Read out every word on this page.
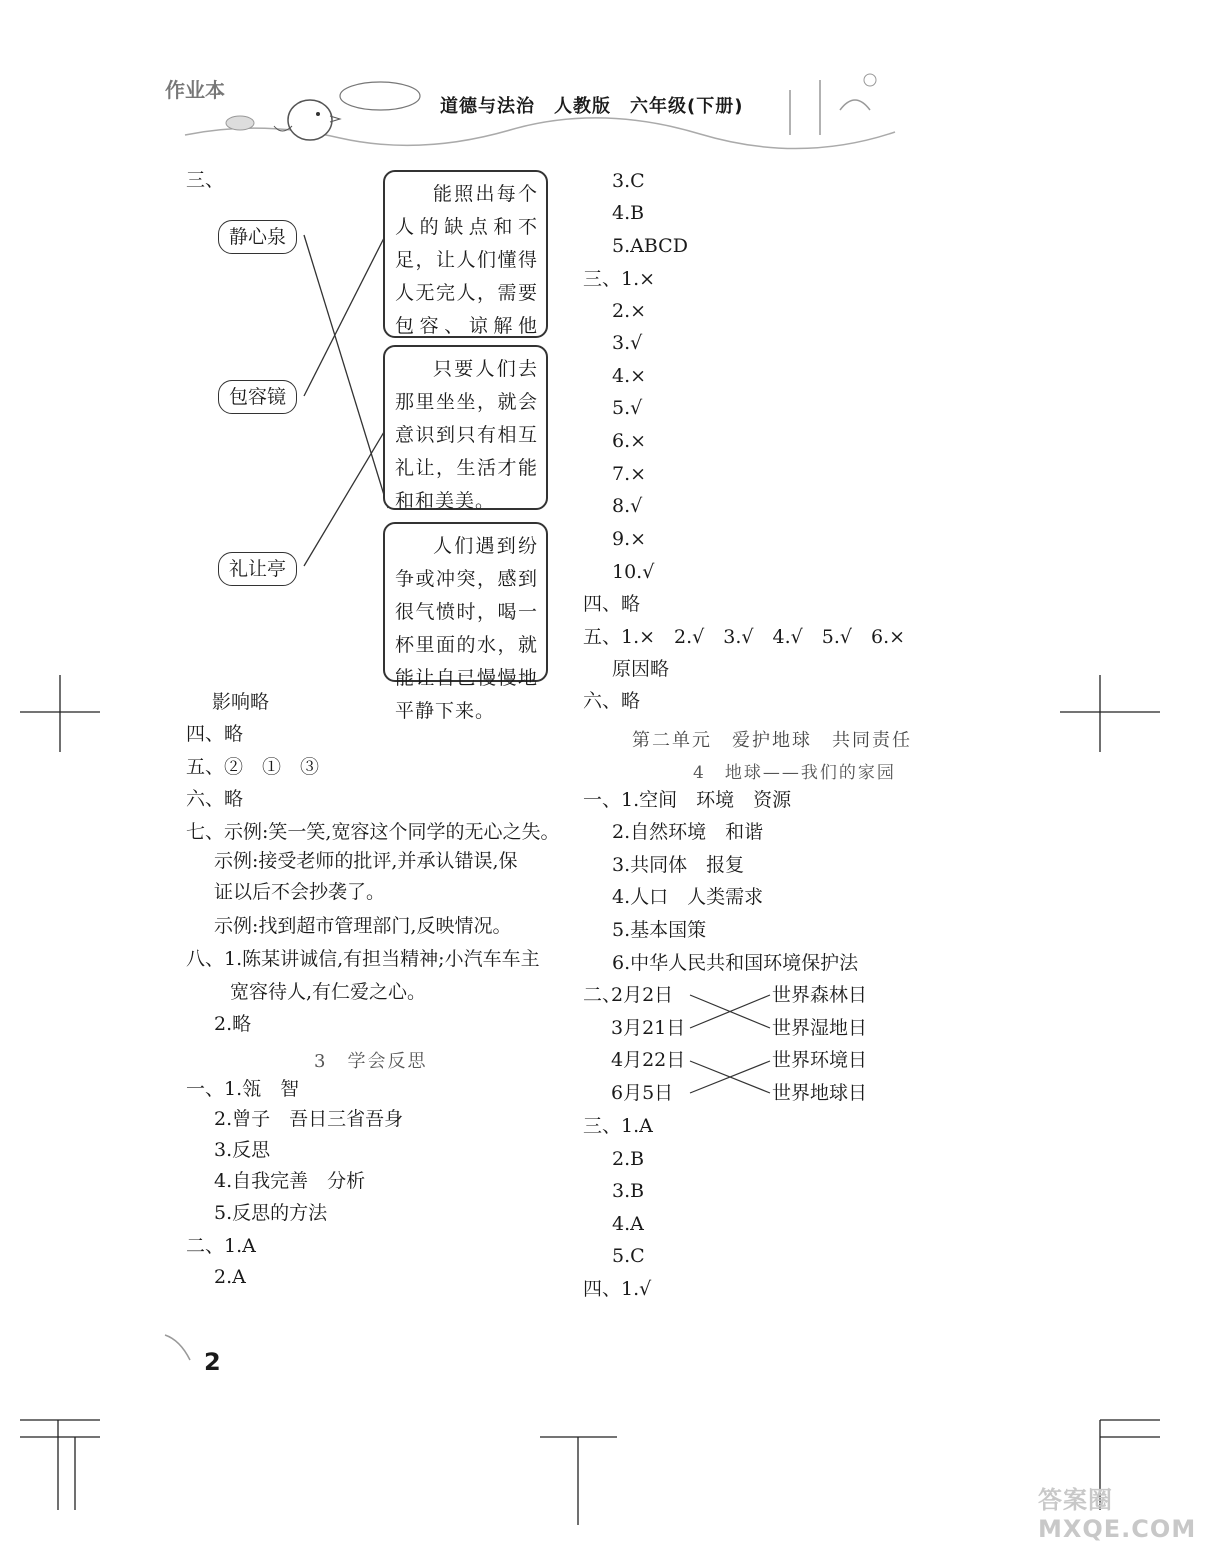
作业本
道德与法治　人教版　六年级(下册)
三、
静心泉
包容镜
礼让亭

能照出每个人的缺点和不足，让人们懂得人无完人，需要包容、谅解他

只要人们去那里坐坐，就会意识到只有相互礼让，生活才能和和美美。

人们遇到纷争或冲突，感到很气愤时，喝一杯里面的水，就能让自已慢慢地平静下来。

影响略
四、略
五、②　①　③
六、略
七、示例:笑一笑,宽容这个同学的无心之失。
示例:接受老师的批评,并承认错误,保
证以后不会抄袭了。
示例:找到超市管理部门,反映情况。
八、1.陈某讲诚信,有担当精神;小汽车车主
宽容待人,有仁爱之心。
2.略
3　学会反思
一、1.瓴　智
2.曾子　吾日三省吾身
3.反思
4.自我完善　分析
5.反思的方法
二、1.A
2.A
3.C
4.B
5.ABCD
三、1.×
2.×
3.√
4.×
5.√
6.×
7.×
8.√
9.×
10.√
四、略
五、1.×　2.√　3.√　4.√　5.√　6.×
原因略
六、略
第二单元　爱护地球　共同责任
4　地球——我们的家园
一、1.空间　环境　资源
2.自然环境　和谐
3.共同体　报复
4.人口　人类需求
5.基本国策
6.中华人民共和国环境保护法
二、
2月2日
3月21日
4月22日
6月5日
世界森林日
世界湿地日
世界环境日
世界地球日
三、1.A
2.B
3.B
4.A
5.C
四、1.√
2
答案圈 MXQE.COM
